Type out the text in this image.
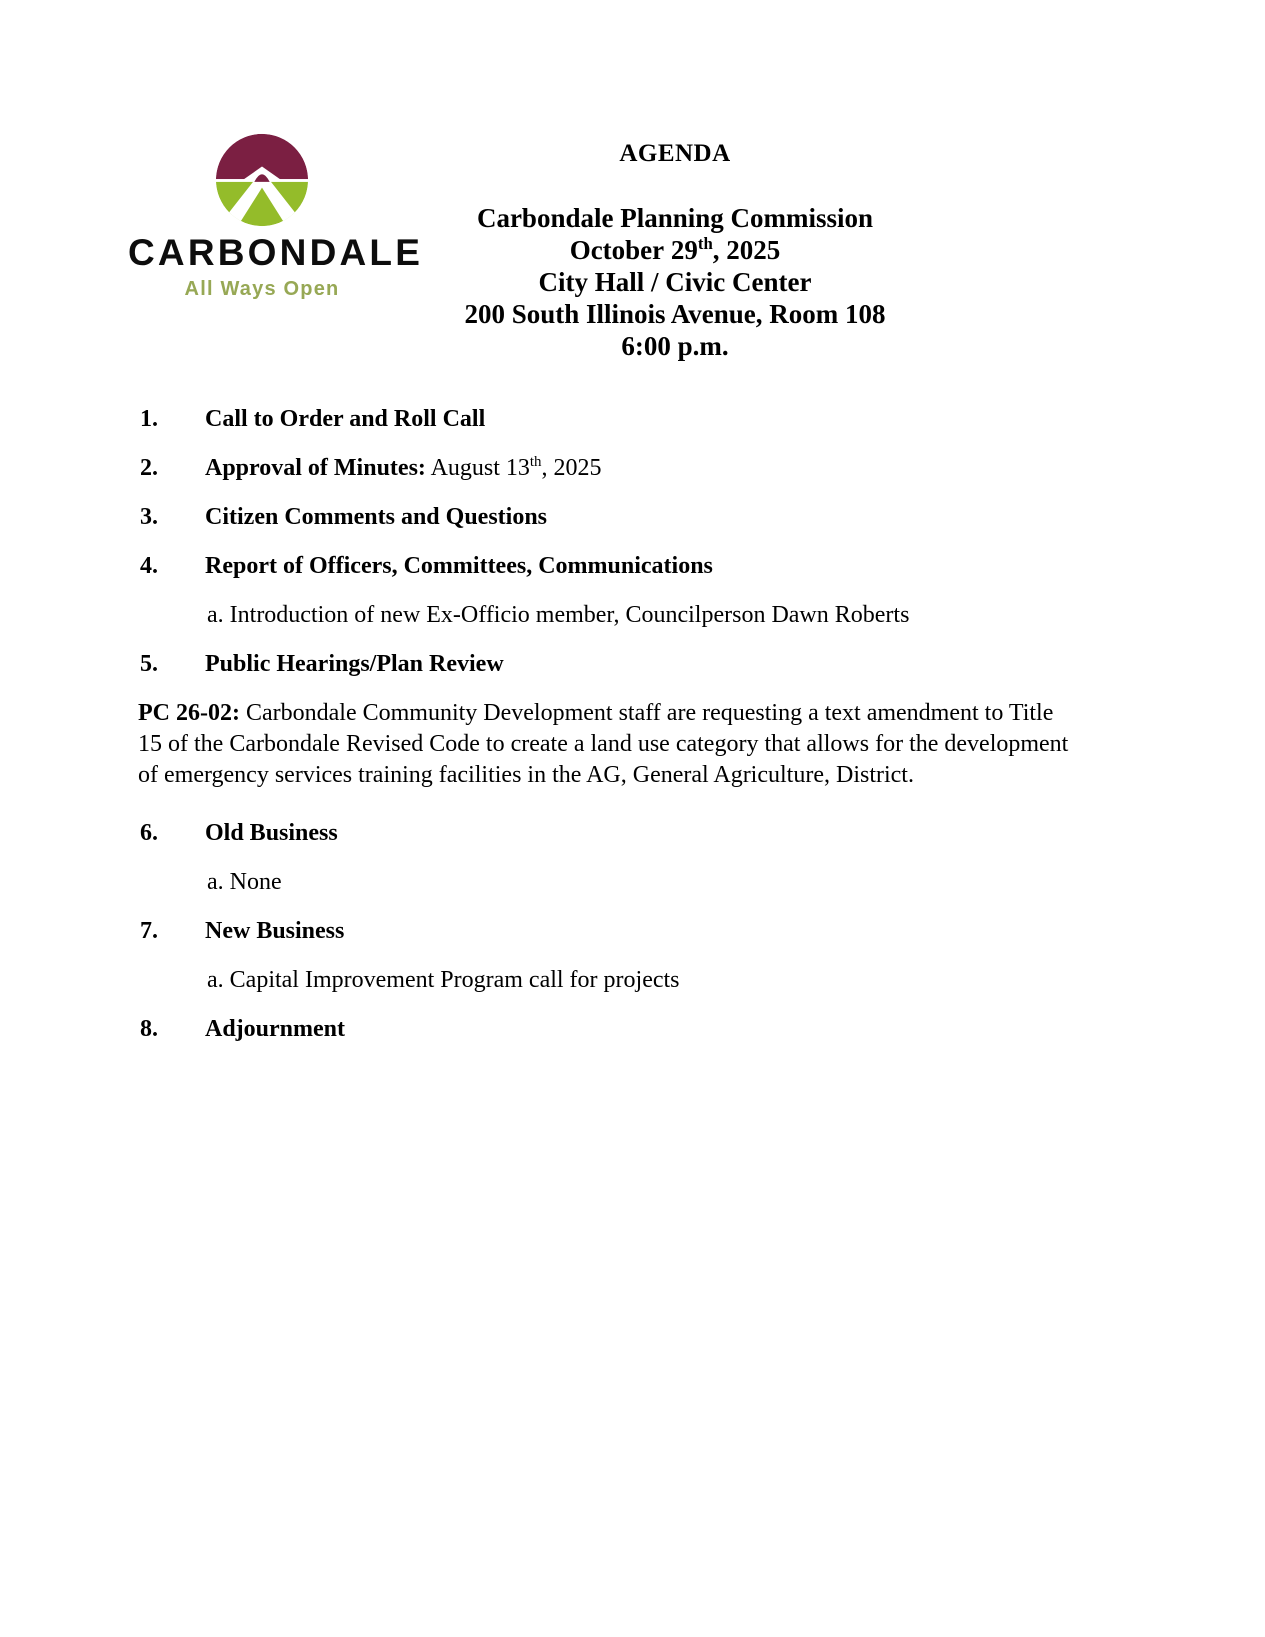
CARBONDALE
All Ways Open
AGENDA
Carbondale Planning Commission
October 29th, 2025
City Hall / Civic Center
200 South Illinois Avenue, Room 108
6:00 p.m.
1.	Call to Order and Roll Call
2.	Approval of Minutes: August 13th, 2025
3.	Citizen Comments and Questions
4.	Report of Officers, Committees, Communications
a. Introduction of new Ex-Officio member, Councilperson Dawn Roberts
5.	Public Hearings/Plan Review
PC 26-02: Carbondale Community Development staff are requesting a text amendment to Title 15 of the Carbondale Revised Code to create a land use category that allows for the development of emergency services training facilities in the AG, General Agriculture, District.
6.	Old Business
a. None
7.	New Business
a. Capital Improvement Program call for projects
8.	Adjournment
